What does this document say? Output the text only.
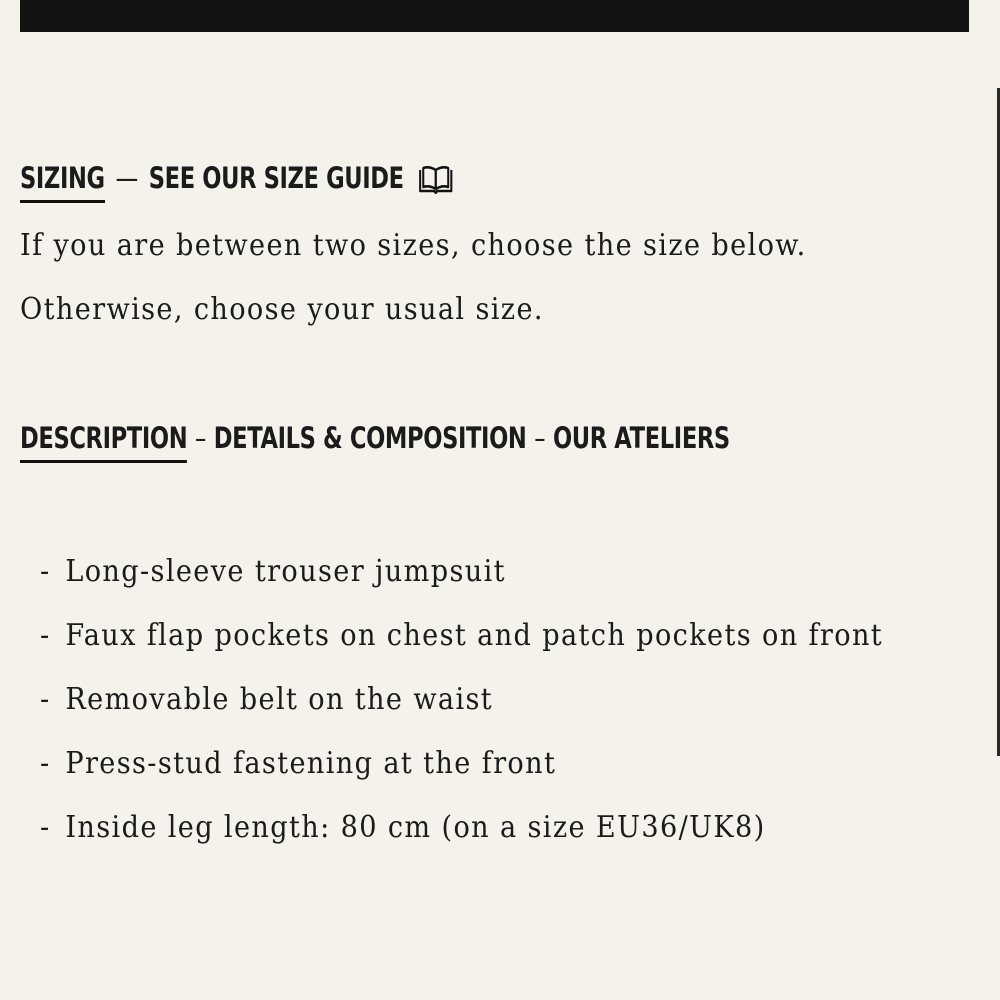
SIZING — SEE OUR SIZE GUIDE
If you are between two sizes, choose the size below.
Otherwise, choose your usual size.
DESCRIPTION – DETAILS & COMPOSITION – OUR ATELIERS
- Long-sleeve trouser jumpsuit
- Faux flap pockets on chest and patch pockets on front
- Removable belt on the waist
- Press-stud fastening at the front
- Inside leg length: 80 cm (on a size EU36/UK8)
